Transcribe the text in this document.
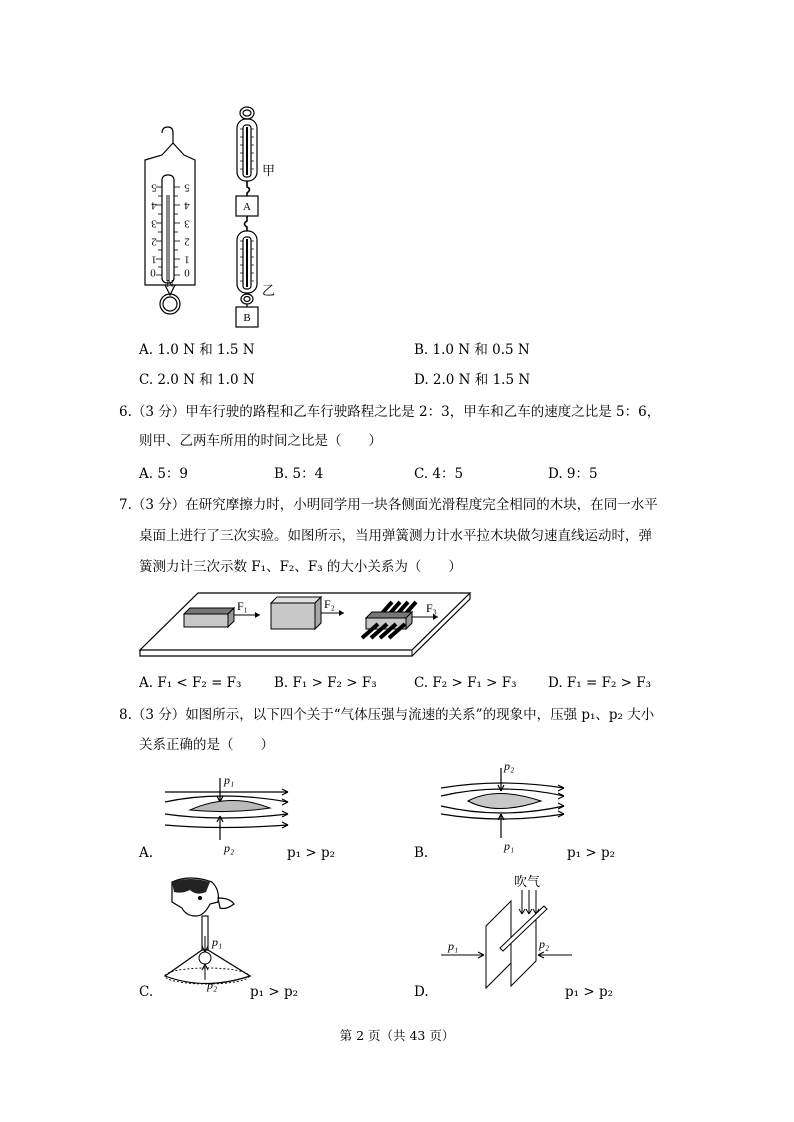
5
4
3
2
1
0
5
4
3
2
1
0
N
甲
乙
A
B
A. 1.0 N 和 1.5 N	B. 1.0 N 和 0.5 N
C. 2.0 N 和 1.0 N	D. 2.0 N 和 1.5 N
6.（3 分）甲车行驶的路程和乙车行驶路程之比是 2：3，甲车和乙车的速度之比是 5：6，
则甲、乙两车所用的时间之比是（　　）
A. 5：9	B. 5：4	C. 4：5	D. 9：5
7.（3 分）在研究摩擦力时，小明同学用一块各侧面光滑程度完全相同的木块，在同一水平
桌面上进行了三次实验。如图所示，当用弹簧测力计水平拉木块做匀速直线运动时，弹
簧测力计三次示数 F₁、F₂、F₃ 的大小关系为（　　）
F₁	F₂	F₃
A. F₁ < F₂ = F₃ B. F₁ > F₂ > F₃	C. F₂ > F₁ > F₃ D. F₁ = F₂ > F₃
8.（3 分）如图所示，以下四个关于“气体压强与流速的关系”的现象中，压强 p₁、p₂ 大小
关系正确的是（　　）
p₁
p₂
A.	p₁ > p₂
p₂
p₁
B.	p₁ > p₂
p₁
p₂
C.	p₁ > p₂
吹气
p₁	p₂
D.	p₁ > p₂
第 2 页（共 43 页）
